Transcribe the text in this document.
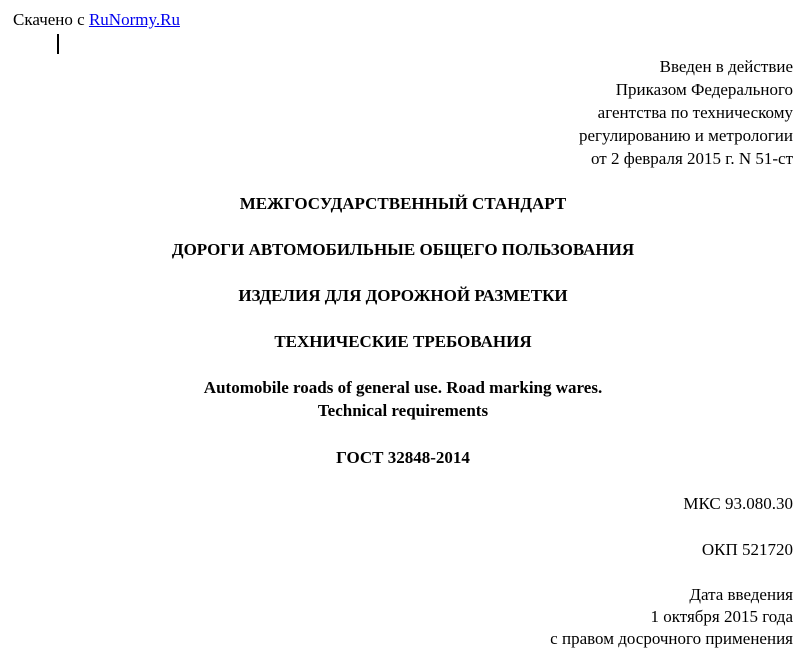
Скачено с RuNormy.Ru
Введен в действие
Приказом Федерального
агентства по техническому
регулированию и метрологии
от 2 февраля 2015 г. N 51-ст
МЕЖГОСУДАРСТВЕННЫЙ СТАНДАРТ
ДОРОГИ АВТОМОБИЛЬНЫЕ ОБЩЕГО ПОЛЬЗОВАНИЯ
ИЗДЕЛИЯ ДЛЯ ДОРОЖНОЙ РАЗМЕТКИ
ТЕХНИЧЕСКИЕ ТРЕБОВАНИЯ
Automobile roads of general use. Road marking wares.
Technical requirements
ГОСТ 32848-2014
МКС 93.080.30
ОКП 521720
Дата введения
1 октября 2015 года
с правом досрочного применения
